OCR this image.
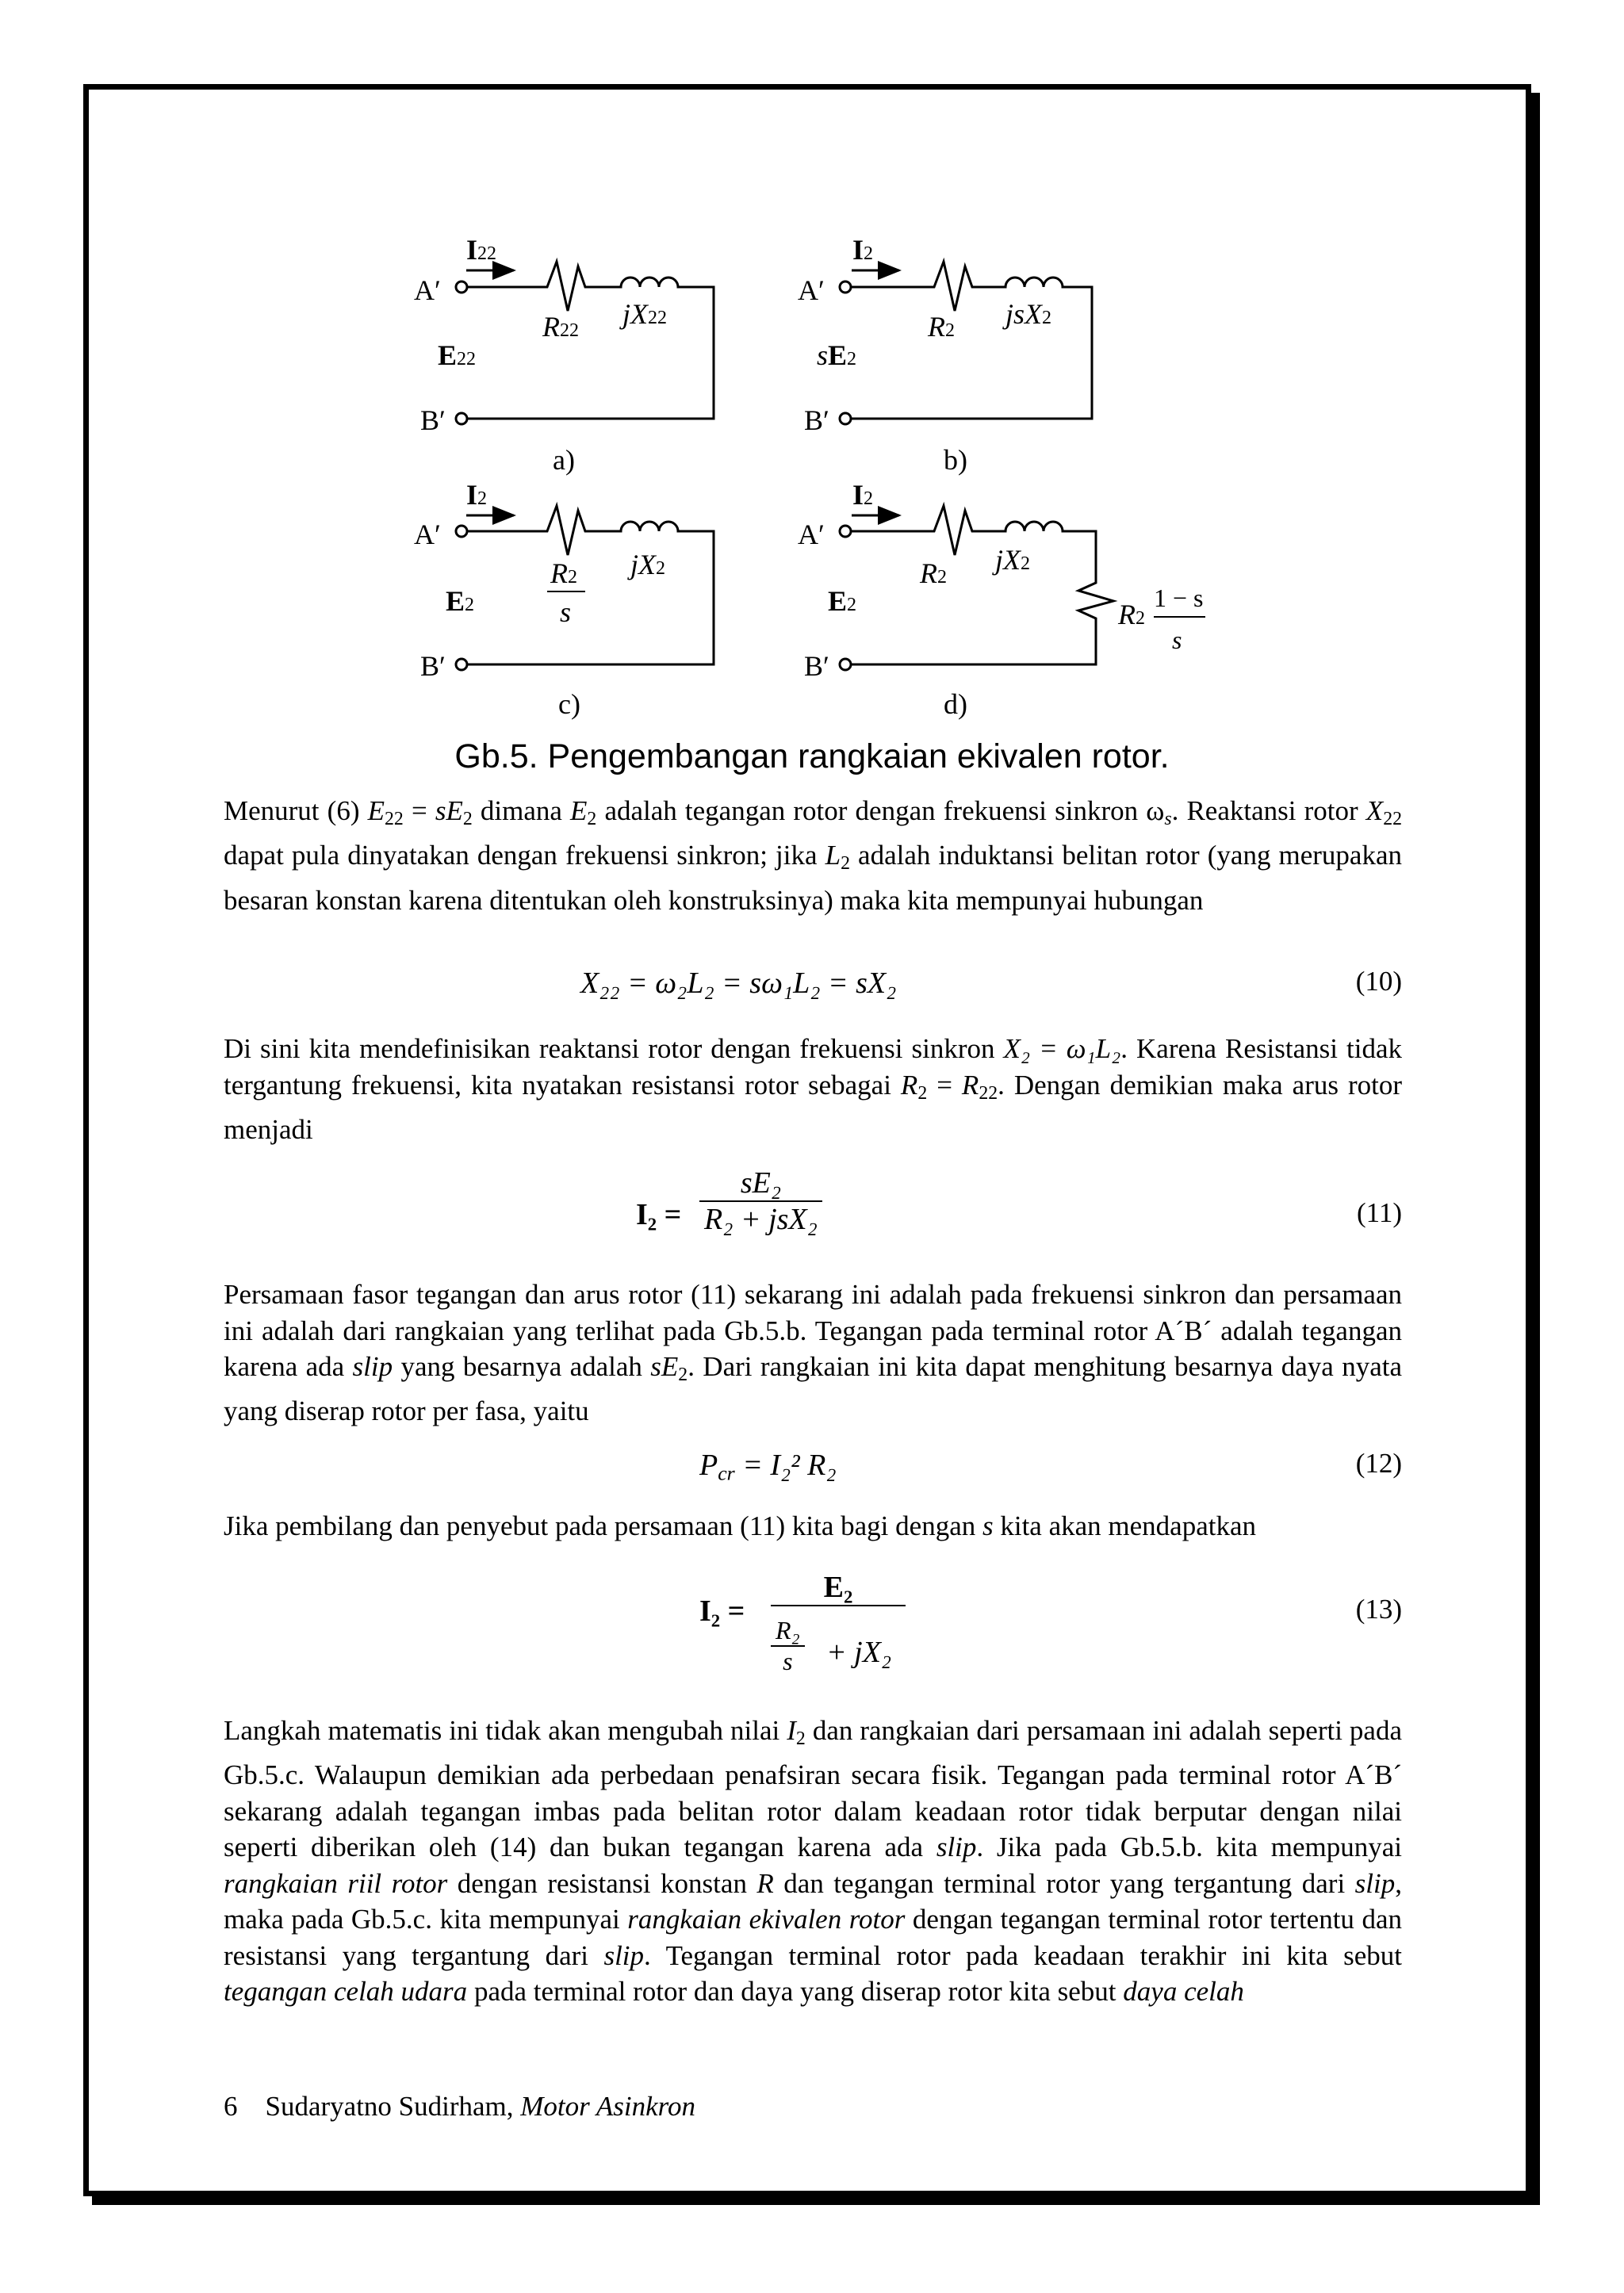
I22
A′
B′
R22
jX22
E22
a)
I2
A′
B′
R2
jsX2
sE2
b)
I2
A′
B′
R2
s
jX2
E2
c)
I2
A′
B′
R2
jX2
E2	R2
1 − s
s
d)
Gb.5. Pengembangan rangkaian ekivalen rotor.
Menurut (6) $E_{22} = sE_2$ dimana $E_2$ adalah tegangan rotor dengan frekuensi sinkron $\omega_s$. Reaktansi rotor $X_{22}$ dapat pula dinyatakan dengan frekuensi sinkron; jika $L_2$ adalah induktansi belitan rotor (yang merupakan besaran konstan karena ditentukan oleh konstruksinya) maka kita mempunyai hubungan
X₂₂ = ω₂L₂ = sω₁L₂ = sX₂	(10)
Di sini kita mendefinisikan reaktansi rotor dengan frekuensi sinkron X₂ = ω₁L₂. Karena Resistansi tidak tergantung frekuensi, kita nyatakan resistansi rotor sebagai $R_2 = R_{22}$. Dengan demikian maka arus rotor menjadi
I₂ =
sE₂
R₂ + jsX₂	(11)
Persamaan fasor tegangan dan arus rotor (11) sekarang ini adalah pada frekuensi sinkron dan persamaan ini adalah dari rangkaian yang terlihat pada Gb.5.b. Tegangan pada terminal rotor A´B´ adalah tegangan karena ada slip yang besarnya adalah $sE_2$. Dari rangkaian ini kita dapat menghitung besarnya daya nyata yang diserap rotor per fasa, yaitu
$P_{cr} = I_2^2$ R₂	(12)
Jika pembilang dan penyebut pada persamaan (11) kita bagi dengan s kita akan mendapatkan
I₂ =
E₂
$\frac{\text{R₂}}{s} + jX_2$
(13)
Langkah matematis ini tidak akan mengubah nilai $I_2$ dan rangkaian dari persamaan ini adalah seperti pada Gb.5.c. Walaupun demikian ada perbedaan penafsiran secara fisik. Tegangan pada terminal rotor A´B´ sekarang adalah tegangan imbas pada belitan rotor dalam keadaan rotor tidak berputar dengan nilai seperti diberikan oleh (14) dan bukan tegangan karena ada slip. Jika pada Gb.5.b. kita mempunyai rangkaian riil rotor dengan resistansi konstan R dan tegangan terminal rotor yang tergantung dari slip, maka pada Gb.5.c. kita mempunyai rangkaian ekivalen rotor dengan tegangan terminal rotor tertentu dan resistansi yang tergantung dari slip. Tegangan terminal rotor pada keadaan terakhir ini kita sebut tegangan celah udara pada terminal rotor dan daya yang diserap rotor kita sebut daya celah
6 Sudaryatno Sudirham, Motor Asinkron
